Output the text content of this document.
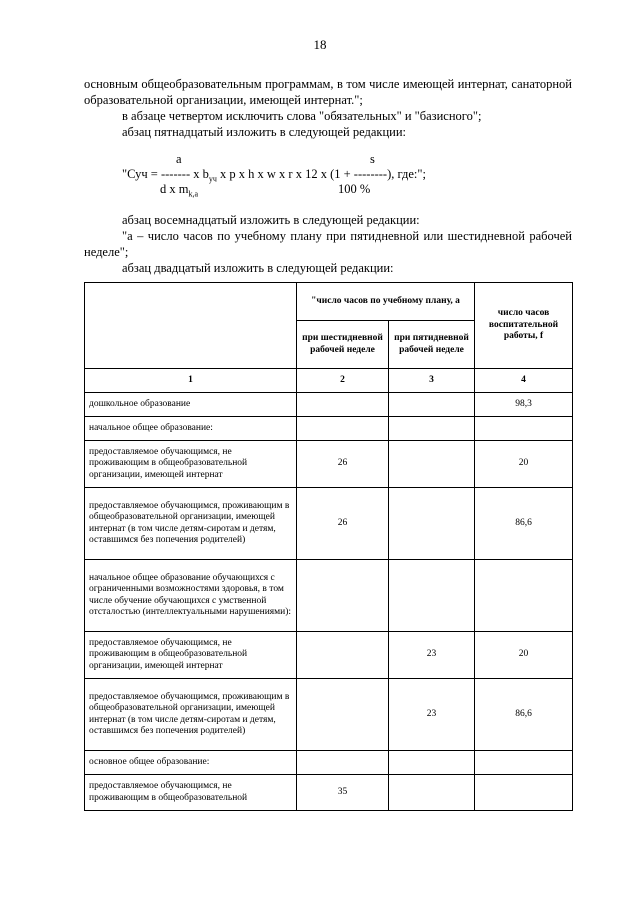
18
основным общеобразовательным программам, в том числе имеющей интернат, санаторной образовательной организации, имеющей интернат.";
в абзаце четвертом исключить слова "обязательных" и "базисного";
абзац пятнадцатый изложить в следующей редакции:
а	s
"Суч = ------- x $b_{уч}$ x p x h x w x r x 12 x (1 + --------), где:";
d x $m_{k,a}$	100 %
абзац восемнадцатый изложить в следующей редакции:
"а – число часов по учебному плану при пятидневной или шестидневной рабочей неделе";
абзац двадцатый изложить в следующей редакции:
	"число часов по учебному плану, а		число часов воспитательной работы, f
	при шестидневной рабочей неделе	при пятидневной рабочей неделе	
1	2	3	4
дошкольное образование			98,3
начальное общее образование:			
предоставляемое обучающимся, не проживающим в общеобразовательной организации, имеющей интернат	26		20
предоставляемое обучающимся, проживающим в общеобразовательной организации, имеющей интернат (в том числе детям-сиротам и детям, оставшимся без попечения родителей)	26		86,6
начальное общее образование обучающихся с ограниченными возможностями здоровья, в том числе обучение обучающихся с умственной отсталостью (интеллектуальными нарушениями):			
предоставляемое обучающимся, не проживающим в общеобразовательной организации, имеющей интернат		23	20
предоставляемое обучающимся, проживающим в общеобразовательной организации, имеющей интернат (в том числе детям-сиротам и детям, оставшимся без попечения родителей)		23	86,6
основное общее образование:			
предоставляемое обучающимся, не проживающим в общеобразовательной	35		
